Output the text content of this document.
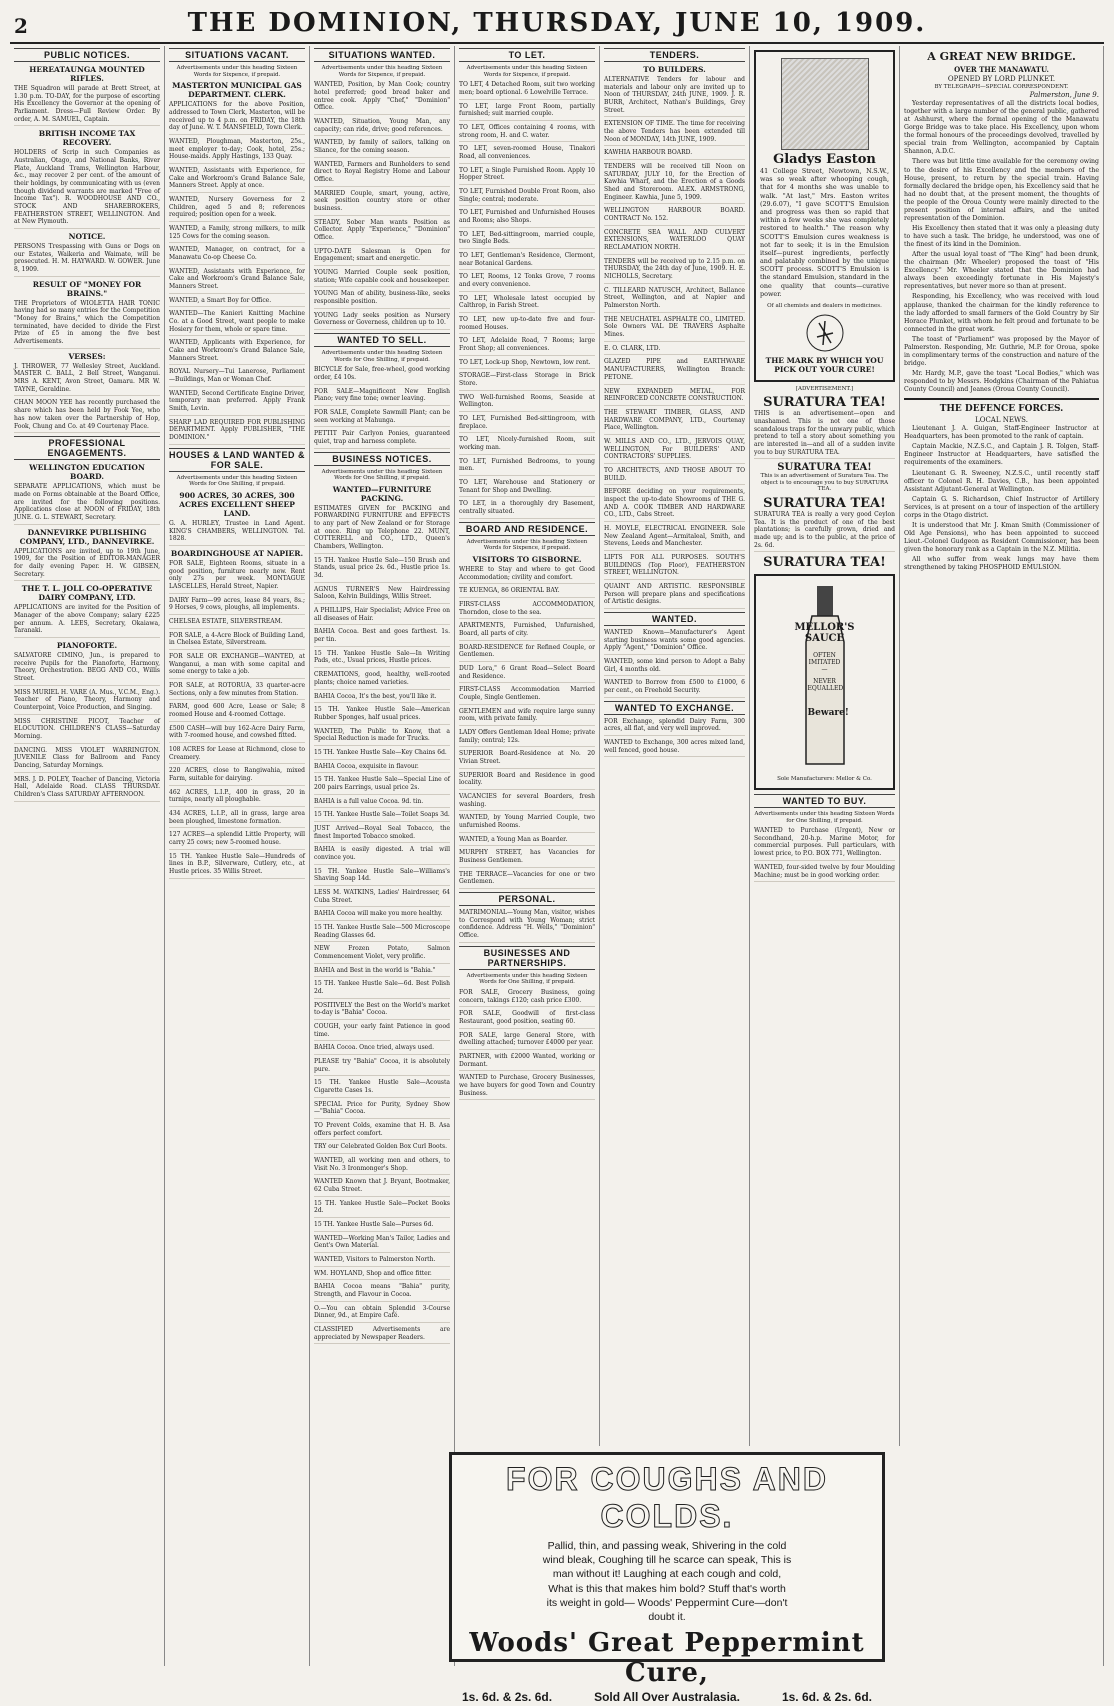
2	THE DOMINION, THURSDAY, JUNE 10, 1909.
PUBLIC NOTICES.
HEREATAUNGA MOUNTED RIFLES.
THE Squadron will parade at Brett Street, at 1.30 p.m. TO-DAY, for the purpose of escorting His Excellency the Governor at the opening of Parliament. Dress—Full Review Order. By order, A. M. SAMUEL, Captain.
BRITISH INCOME TAX RECOVERY.
HOLDERS of Scrip in such Companies as Australian, Otago, and National Banks, River Plate, Auckland Trams, Wellington Harbour, &c., may recover 2 per cent. of the amount of their holdings, by communicating with us (even though dividend warrants are marked "Free of Income Tax"). R. WOODHOUSE AND CO., STOCK AND SHAREBROKERS, FEATHERSTON STREET, WELLINGTON. And at New Plymouth.
NOTICE.
PERSONS Trespassing with Guns or Dogs on our Estates, Waikeria and Waimate, will be prosecuted. H. M. HAYWARD. W. GOWER. June 8, 1909.
RESULT OF "MONEY FOR BRAINS."
THE Proprietors of WIOLETTA HAIR TONIC having had so many entries for the Competition "Money for Brains," which the Competition terminated, have decided to divide the First Prize of £5 in among the five best Advertisements.
VERSES:
J. THROWER, 77 Wellesley Street, Auckland. MASTER C. BALL, 2 Bell Street, Wanganui. MRS A. KENT, Avon Street, Oamaru. MR W. TAYNE, Geraldine.
CHAN MOON YEE has recently purchased the share which has been held by Fook Yee, who has now taken over the Partnership of Hop, Fook, Chung and Co. at 49 Courtenay Place.
PROFESSIONAL ENGAGEMENTS.
WELLINGTON EDUCATION BOARD.
SEPARATE APPLICATIONS, which must be made on Forms obtainable at the Board Office, are invited for the following positions. Applications close at NOON of FRIDAY, 18th JUNE. G. L. STEWART, Secretary.
DANNEVIRKE PUBLISHING COMPANY, LTD., DANNEVIRKE.
APPLICATIONS are invited, up to 19th June, 1909, for the Position of EDITOR-MANAGER for daily evening Paper. H. W. GIBSEN, Secretary.
THE T. L. JOLL CO-OPERATIVE DAIRY COMPANY, LTD.
APPLICATIONS are invited for the Position of Manager of the above Company; salary £225 per annum. A. LEES, Secretary, Okaiawa, Taranaki.
PIANOFORTE.
SALVATORE CIMINO, Jun., is prepared to receive Pupils for the Pianoforte, Harmony, Theory, Orchestration. BEGG AND CO., Willis Street.
MISS MURIEL H. VARE (A. Mus., V.C.M., Eng.). Teacher of Piano, Theory, Harmony and Counterpoint, Voice Production, and Singing.
MISS CHRISTINE PICOT, Teacher of ELOCUTION. CHILDREN'S CLASS—Saturday Morning.
DANCING. MISS VIOLET WARRINGTON. JUVENILE Class for Ballroom and Fancy Dancing, Saturday Mornings.
MRS. J. D. POLEY, Teacher of Dancing, Victoria Hall, Adelaide Road. CLASS THURSDAY. Children's Class SATURDAY AFTERNOON.
SITUATIONS VACANT.
Advertisements under this heading Sixteen Words for Sixpence, if prepaid.
MASTERTON MUNICIPAL GAS DEPARTMENT. CLERK.
APPLICATIONS for the above Position, addressed to Town Clerk, Masterton, will be received up to 4 p.m. on FRIDAY, the 18th day of June. W. T. MANSFIELD, Town Clerk.
WANTED, Ploughman, Masterton, 25s., meet employer to-day; Cook, hotel, 25s.; House-maids. Apply Hastings, 133 Quay.
WANTED, Assistants with Experience, for Cake and Workroom's Grand Balance Sale, Manners Street. Apply at once.
WANTED, Nursery Governess for 2 Children, aged 5 and 8; references required; position open for a week.
WANTED, a Family, strong milkers, to milk 125 Cows for the coming season.
WANTED, Manager, on contract, for a Manawatu Co-op Cheese Co.
WANTED, Assistants with Experience, for Cake and Workroom's Grand Balance Sale, Manners Street.
WANTED, a Smart Boy for Office.
WANTED—The Kanieri Knitting Machine Co. at a Good Street, want people to make Hosiery for them, whole or spare time.
WANTED, Applicants with Experience, for Cake and Workroom's Grand Balance Sale, Manners Street.
ROYAL Nursery—Tui Lanerose, Parliament—Buildings, Man or Woman Chef.
WANTED, Second Certificate Engine Driver, temporary man preferred. Apply Frank Smith, Levin.
SHARP LAD REQUIRED FOR PUBLISHING DEPARTMENT. Apply PUBLISHER, "THE DOMINION."
HOUSES & LAND WANTED & FOR SALE.
Advertisements under this heading Sixteen Words for One Shilling, if prepaid.
900 ACRES, 30 ACRES, 300 ACRES EXCELLENT SHEEP LAND.
G. A. HURLEY, Trustee in Land Agent. KING'S CHAMBERS, WELLINGTON. Tel. 1828.
BOARDINGHOUSE AT NAPIER.
FOR SALE, Eighteen Rooms, situate in a good position, furniture nearly new. Rent only 27s per week. MONTAGUE LASCELLES, Herald Street, Napier.
DAIRY Farm—99 acres, lease 84 years, 8s.; 9 Horses, 9 cows, ploughs, all implements.
CHELSEA ESTATE, SILVERSTREAM.
FOR SALE, a 4-Acre Block of Building Land, in Chelsea Estate, Silverstream.
FOR SALE OR EXCHANGE—WANTED, at Wanganui, a man with some capital and some energy to take a job.
FOR SALE, at ROTORUA, 33 quarter-acre Sections, only a few minutes from Station.
FARM, good 600 Acre, Lease or Sale; 8 roomed House and 4-roomed Cottage.
£500 CASH—will buy 162-Acre Dairy Farm, with 7-roomed house, and cowshed fitted.
108 ACRES for Lease at Richmond, close to Creamery.
220 ACRES, close to Rangiwahia, mixed Farm, suitable for dairying.
462 ACRES, L.I.P., 400 in grass, 20 in turnips, nearly all ploughable.
434 ACRES, L.I.P., all in grass, large area been ploughed, limestone formation.
127 ACRES—a splendid Little Property, will carry 25 cows; new 5-roomed house.
15 TH. Yankee Hustle Sale—Hundreds of lines in B.P., Silverware, Cutlery, etc., at Hustle prices. 35 Willis Street.
SITUATIONS WANTED.
Advertisements under this heading Sixteen Words for Sixpence, if prepaid.
WANTED, Position, by Man Cook; country hotel preferred; good bread baker and entree cook. Apply "Chef," "Dominion" Office.
WANTED, Situation, Young Man, any capacity; can ride, drive; good references.
WANTED, by family of sailors, talking on Sliance, for the coming season.
WANTED, Farmers and Runholders to send direct to Royal Registry Home and Labour Office.
MARRIED Couple, smart, young, active, seek position country store or other business.
STEADY, Sober Man wants Position as Collector. Apply "Experience," "Dominion" Office.
UPTO-DATE Salesman is Open for Engagement; smart and energetic.
YOUNG Married Couple seek position, station; Wife capable cook and housekeeper.
YOUNG Man of ability, business-like, seeks responsible position.
YOUNG Lady seeks position as Nursery Governess or Governess, children up to 10.
WANTED TO SELL.
Advertisements under this heading Sixteen Words for One Shilling, if prepaid.
BICYCLE for Sale, free-wheel, good working order, £4 10s.
FOR SALE—Magnificent New English Piano; very fine tone; owner leaving.
FOR SALE, Complete Sawmill Plant; can be seen working at Mahunga.
PETTIT Pair Carlyon Ponies, guaranteed quiet, trap and harness complete.
BUSINESS NOTICES.
Advertisements under this heading Sixteen Words for One Shilling, if prepaid.
WANTED—FURNITURE PACKING.
ESTIMATES GIVEN for PACKING and FORWARDING FURNITURE and EFFECTS to any part of New Zealand or for Storage at once. Ring up Telephone 22. MUNT, COTTERELL and CO., LTD., Queen's Chambers, Wellington.
15 TH. Yankee Hustle Sale—150 Brush and Stands, usual price 2s. 6d., Hustle price 1s. 3d.
AGNUS TURNER'S New Hairdressing Saloon, Kelvin Buildings, Willis Street.
A PHILLIPS, Hair Specialist; Advice Free on all diseases of Hair.
BAHIA Cocoa. Best and goes farthest. 1s. per tin.
15 TH. Yankee Hustle Sale—In Writing Pads, etc., Usual prices, Hustle prices.
CREMATIONS, good, healthy, well-rooted plants; choice named varieties.
BAHIA Cocoa, It's the best, you'll like it.
15 TH. Yankee Hustle Sale—American Rubber Sponges, half usual prices.
WANTED, The Public to Know, that a Special Reduction is made for Trucks.
15 TH. Yankee Hustle Sale—Key Chains 6d.
BAHIA Cocoa, exquisite in flavour.
15 TH. Yankee Hustle Sale—Special Line of 200 pairs Earrings, usual price 2s.
BAHIA is a full value Cocoa. 9d. tin.
15 TH. Yankee Hustle Sale—Toilet Soaps 3d.
JUST Arrived—Royal Seal Tobacco, the finest Imported Tobacco smoked.
BAHIA is easily digested. A trial will convince you.
15 TH. Yankee Hustle Sale—Williams's Shaving Soap 14d.
LESS M. WATKINS, Ladies' Hairdresser, 64 Cuba Street.
BAHIA Cocoa will make you more healthy.
15 TH. Yankee Hustle Sale—500 Microscope Reading Glasses 6d.
NEW Frozen Potato, Salmon Commencement Violet, very prolific.
BAHIA and Best in the world is "Bahia."
15 TH. Yankee Hustle Sale—6d. Best Polish 2d.
POSITIVELY the Best on the World's market to-day is "Bahia" Cocoa.
COUGH, your early faint Patience in good time.
BAHIA Cocoa. Once tried, always used.
PLEASE try "Bahia" Cocoa, it is absolutely pure.
15 TH. Yankee Hustle Sale—Acousta Cigarette Cases 1s.
SPECIAL Price for Purity, Sydney Show—"Bahia" Cocoa.
TO Prevent Colds, examine that H. B. Asa offers perfect comfort.
TRY our Celebrated Golden Box Curl Boots.
WANTED, all working men and others, to Visit No. 3 Ironmonger's Shop.
WANTED Known that J. Bryant, Bootmaker, 62 Cuba Street.
15 TH. Yankee Hustle Sale—Pocket Books 2d.
15 TH. Yankee Hustle Sale—Purses 6d.
WANTED—Working Man's Tailor, Ladies and Gent's Own Material.
WANTED, Visitors to Palmerston North.
WM. HOYLAND, Shop and office fitter.
BAHIA Cocoa means "Bahia" purity, Strength, and Flavour in Cocoa.
O.—You can obtain Splendid 3-Course Dinner, 9d., at Empire Café.
CLASSIFIED Advertisements are appreciated by Newspaper Readers.
TO LET.
Advertisements under this heading Sixteen Words for Sixpence, if prepaid.
TO LET, 4 Detached Room, suit two working men; board optional. 6 Lowelville Terrace.
TO LET, large Front Room, partially furnished; suit married couple.
TO LET, Offices containing 4 rooms, with strong room, H. and C. water.
TO LET, seven-roomed House, Tinakori Road, all conveniences.
TO LET, a Single Furnished Room. Apply 10 Hopper Street.
TO LET, Furnished Double Front Room, also Single; central; moderate.
TO LET, Furnished and Unfurnished Houses and Rooms; also Shops.
TO LET, Bed-sittingroom, married couple, two Single Beds.
TO LET, Gentleman's Residence, Clermont, near Botanical Gardens.
TO LET, Rooms, 12 Tonks Grove, 7 rooms and every convenience.
TO LET, Wholesale latest occupied by Calthrop, in Farish Street.
TO LET, new up-to-date five and four-roomed Houses.
TO LET, Adelaide Road, 7 Rooms; large Front Shop; all conveniences.
TO LET, Lock-up Shop, Newtown, low rent.
STORAGE—First-class Storage in Brick Store.
TWO Well-furnished Rooms, Seaside at Wellington.
TO LET, Furnished Bed-sittingroom, with fireplace.
TO LET, Nicely-furnished Room, suit working man.
TO LET, Furnished Bedrooms, to young men.
TO LET, Warehouse and Stationery or Tenant for Shop and Dwelling.
TO LET, in a thoroughly dry Basement, centrally situated.
BOARD AND RESIDENCE.
Advertisements under this heading Sixteen Words for Sixpence, if prepaid.
VISITORS TO GISBORNE.
WHERE to Stay and where to get Good Accommodation; civility and comfort.
TE KUENGA, 86 ORIENTAL BAY.
FIRST-CLASS ACCOMMODATION, Thorndon, close to the sea.
APARTMENTS, Furnished, Unfurnished, Board, all parts of city.
BOARD-RESIDENCE for Refined Couple, or Gentlemen.
DUD Lora," 6 Grant Road—Select Board and Residence.
FIRST-CLASS Accommodation Married Couple, Single Gentlemen.
GENTLEMEN and wife require large sunny room, with private family.
LADY Offers Gentleman Ideal Home; private family; central; 12s.
SUPERIOR Board-Residence at No. 20 Vivian Street.
SUPERIOR Board and Residence in good locality.
VACANCIES for several Boarders, fresh washing.
WANTED, by Young Married Couple, two unfurnished Rooms.
WANTED, a Young Man as Boarder.
MURPHY STREET, has Vacancies for Business Gentlemen.
THE TERRACE—Vacancies for one or two Gentlemen.
PERSONAL.
MATRIMONIAL—Young Man, visitor, wishes to Correspond with Young Woman; strict confidence. Address "H. Wells," "Dominion" Office.
BUSINESSES AND PARTNERSHIPS.
Advertisements under this heading Sixteen Words for One Shilling, if prepaid.
FOR SALE, Grocery Business, going concern, takings £120; cash price £300.
FOR SALE, Goodwill of first-class Restaurant, good position, seating 60.
FOR SALE, large General Store, with dwelling attached; turnover £4000 per year.
PARTNER, with £2000 Wanted, working or Dormant.
WANTED to Purchase, Grocery Businesses, we have buyers for good Town and Country Business.
TENDERS.
TO BUILDERS.
ALTERNATIVE Tenders for labour and materials and labour only are invited up to Noon of THURSDAY, 24th JUNE, 1909. J. R. BURR, Architect, Nathan's Buildings, Grey Street.
EXTENSION OF TIME. The time for receiving the above Tenders has been extended till Noon of MONDAY, 14th JUNE, 1909.
KAWHIA HARBOUR BOARD.
TENDERS will be received till Noon on SATURDAY, JULY 10, for the Erection of Kawhia Wharf, and the Erection of a Goods Shed and Storeroom. ALEX. ARMSTRONG, Engineer. Kawhia, June 5, 1909.
WELLINGTON HARBOUR BOARD. CONTRACT No. 152.
CONCRETE SEA WALL AND CULVERT EXTENSIONS, WATERLOO QUAY RECLAMATION NORTH.
TENDERS will be received up to 2.15 p.m. on THURSDAY, the 24th day of June, 1909. H. E. NICHOLLS, Secretary.
C. TILLEARD NATUSCH, Architect, Ballance Street, Wellington, and at Napier and Palmerston North.
THE NEUCHATEL ASPHALTE CO., LIMITED. Sole Owners VAL DE TRAVERS Asphalte Mines.
E. O. CLARK, LTD.
GLAZED PIPE and EARTHWARE MANUFACTURERS, Wellington Branch: PETONE.
NEW EXPANDED METAL, FOR REINFORCED CONCRETE CONSTRUCTION.
THE STEWART TIMBER, GLASS, AND HARDWARE COMPANY, LTD., Courtenay Place, Wellington.
W. MILLS AND CO., LTD., JERVOIS QUAY, WELLINGTON, For BUILDERS' AND CONTRACTORS' SUPPLIES.
TO ARCHITECTS, AND THOSE ABOUT TO BUILD.
BEFORE deciding on your requirements, inspect the up-to-date Showrooms of THE G. AND A. COOK TIMBER AND HARDWARE CO., LTD., Cabs Street.
H. MOYLE, ELECTRICAL ENGINEER. Sole New Zealand Agent—Armitaleal, Smith, and Stevens, Leeds and Manchester.
LIFTS FOR ALL PURPOSES. SOUTH'S BUILDINGS (Top Floor), FEATHERSTON STREET, WELLINGTON.
QUAINT AND ARTISTIC. RESPONSIBLE Person will prepare plans and specifications of Artistic designs.
WANTED.
WANTED Known—Manufacturer's Agent starting business wants some good agencies. Apply "Agent," "Dominion" Office.
WANTED, some kind person to Adopt a Baby Girl, 4 months old.
WANTED to Borrow from £500 to £1000, 6 per cent., on Freehold Security.
WANTED TO EXCHANGE.
FOR Exchange, splendid Dairy Farm, 300 acres, all flat, and very well improved.
WANTED to Exchange, 300 acres mixed land, well fenced, good house.
Gladys Easton
41 College Street, Newtown, N.S.W., was so weak after whooping cough, that for 4 months she was unable to walk. "At last," Mrs. Easton writes (29.6.07), "I gave SCOTT'S Emulsion and progress was then so rapid that within a few weeks she was completely restored to health." The reason why SCOTT'S Emulsion cures weakness is not far to seek; it is in the Emulsion itself—purest ingredients, perfectly and palatably combined by the unique SCOTT process. SCOTT'S Emulsion is the standard Emulsion, standard in the one quality that counts—curative power.
Of all chemists and dealers in medicines.
THE MARK BY WHICH YOU PICK OUT YOUR CURE!
[ADVERTISEMENT.]
SURATURA TEA!
THIS is an advertisement—open and unashamed. This is not one of those scandalous traps for the unwary public, which pretend to tell a story about something you are interested in—and all of a sudden invite you to buy SURATURA TEA.
SURATURA TEA!
This is an advertisement of Suratura Tea. The object is to encourage you to buy SURATURA TEA.
SURATURA TEA!
SURATURA TEA is really a very good Ceylon Tea. It is the product of one of the best plantations; is carefully grown, dried and made up; and is to the public, at the price of 2s. 6d.
SURATURA TEA!
MELLOR'S SAUCE
OFTEN IMITATED—
NEVER EQUALLED.
Beware!
Sole Manufacturers: Mellor & Co.
WANTED TO BUY.
Advertisements under this heading Sixteen Words for One Shilling, if prepaid.
WANTED to Purchase (Urgent), New or Secondhand, 20-h.p. Marine Motor, for commercial purposes. Full particulars, with lowest price, to P.O. BOX 771, Wellington.
WANTED, four-sided twelve by four Moulding Machine; must be in good working order.
A GREAT NEW BRIDGE.
OVER THE MANAWATU.
OPENED BY LORD PLUNKET.
BY TELEGRAPH—SPECIAL CORRESPONDENT.
Palmerston, June 9.
Yesterday representatives of all the districts local bodies, together with a large number of the general public, gathered at Ashhurst, where the formal opening of the Manawatu Gorge Bridge was to take place. His Excellency, upon whom the formal honours of the proceedings devolved, travelled by special train from Wellington, accompanied by Captain Shannon, A.D.C.
There was but little time available for the ceremony owing to the desire of his Excellency and the members of the House, present, to return by the special train. Having formally declared the bridge open, his Excellency said that he had no doubt that, at the present moment, the thoughts of the people of the Oroua County were mainly directed to the present position of internal affairs, and the united representation of the Dominion.
His Excellency then stated that it was only a pleasing duty to have such a task. The bridge, he understood, was one of the finest of its kind in the Dominion.
After the usual loyal toast of "The King" had been drunk, the chairman (Mr. Wheeler) proposed the toast of "His Excellency." Mr. Wheeler stated that the Dominion had always been exceedingly fortunate in His Majesty's representatives, but never more so than at present.
Responding, his Excellency, who was received with loud applause, thanked the chairman for the kindly reference to the lady afforded to small farmers of the Gold Country by Sir Horace Plunket, with whom he felt proud and fortunate to be connected in the great work.
The toast of "Parliament" was proposed by the Mayor of Palmerston. Responding, Mr. Guthrie, M.P. for Oroua, spoke in complimentary terms of the construction and nature of the bridge.
Mr. Hardy, M.P., gave the toast "Local Bodies," which was responded to by Messrs. Hodgkins (Chairman of the Pahiatua County Council) and Jeanes (Oroua County Council).
THE DEFENCE FORCES.
LOCAL NEWS.
Lieutenant J. A. Guigan, Staff-Engineer Instructor at Headquarters, has been promoted to the rank of captain.
Captain Mackie, N.Z.S.C., and Captain J. R. Tolgen, Staff-Engineer Instructor at Headquarters, have satisfied the requirements of the examiners.
Lieutenant G. R. Sweeney, N.Z.S.C., until recently staff officer to Colonel R. H. Davies, C.B., has been appointed Assistant Adjutant-General at Wellington.
Captain G. S. Richardson, Chief Instructor of Artillery Services, is at present on a tour of inspection of the artillery corps in the Otago district.
It is understood that Mr. J. Kman Smith (Commissioner of Old Age Pensions), who has been appointed to succeed Lieut.-Colonel Gudgeon as Resident Commissioner, has been given the honorary rank as a Captain in the N.Z. Militia.
All who suffer from weak lungs may have them strengthened by taking PHOSPHOID EMULSION.
FOR COUGHS AND COLDS.
Pallid, thin, and passing weak, Shivering in the cold wind bleak, Coughing till he scarce can speak, This is man without it! Laughing at each cough and cold, What is this that makes him bold? Stuff that's worth its weight in gold— Woods' Peppermint Cure—don't doubt it.
Woods' Great Peppermint Cure,
1s. 6d. & 2s. 6d.	Sold All Over Australasia.	1s. 6d. & 2s. 6d.
